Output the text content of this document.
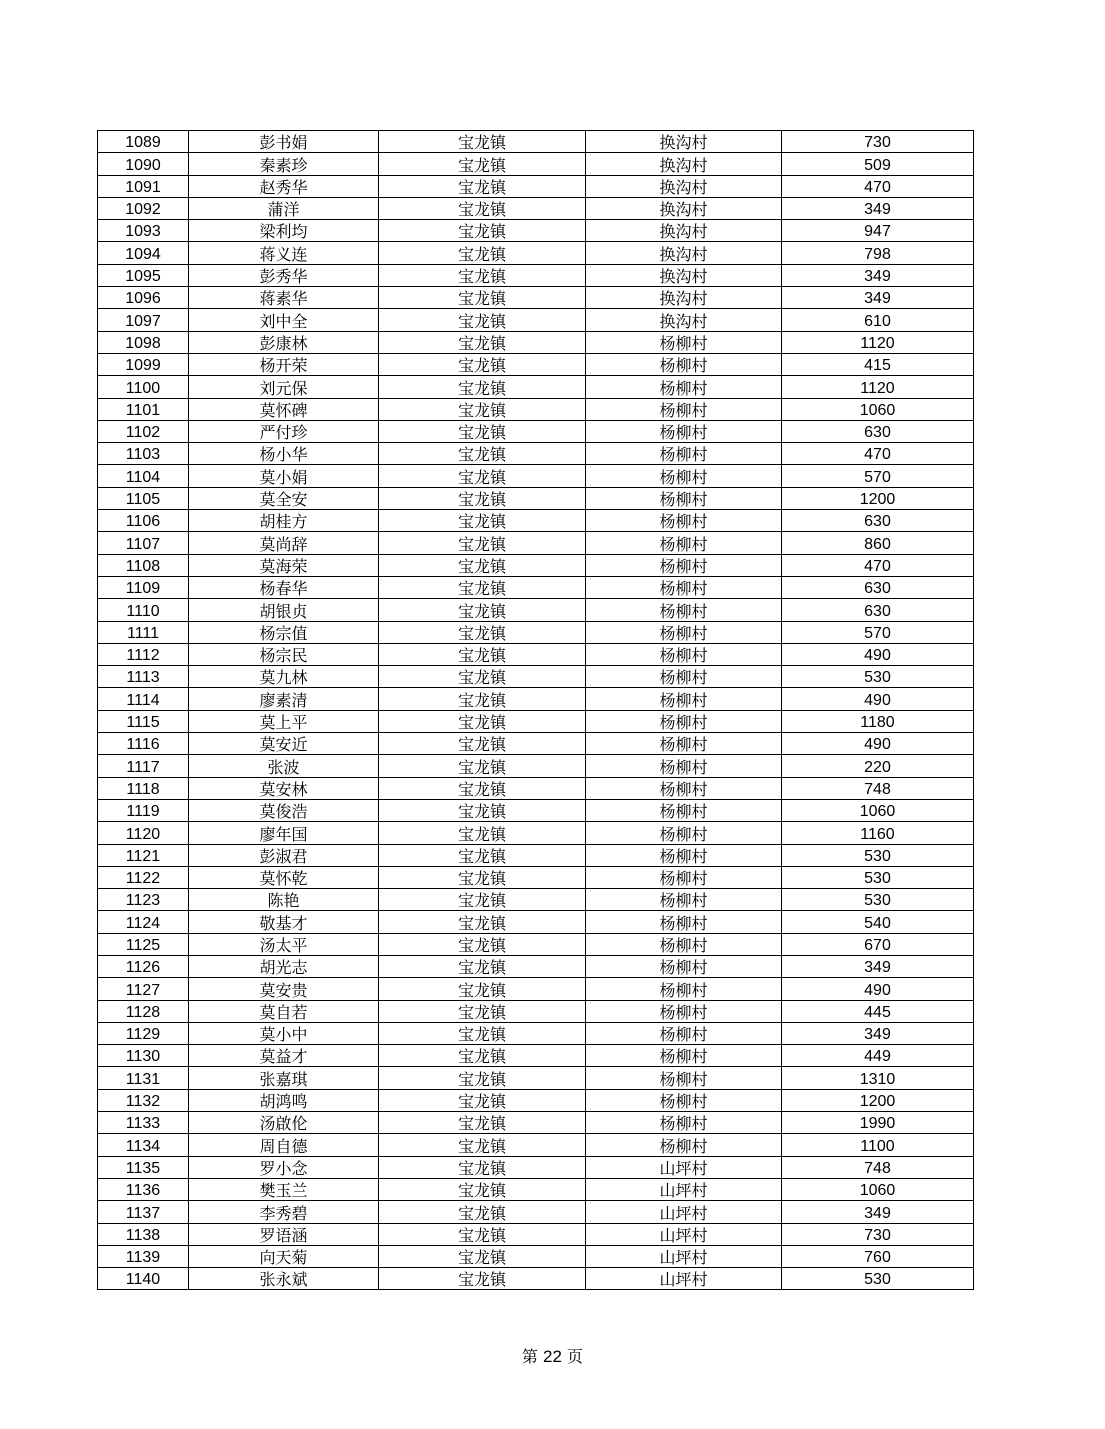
1089	彭书娟	宝龙镇	换沟村	730
1090	秦素珍	宝龙镇	换沟村	509
1091	赵秀华	宝龙镇	换沟村	470
1092	蒲洋	宝龙镇	换沟村	349
1093	梁利均	宝龙镇	换沟村	947
1094	蒋义连	宝龙镇	换沟村	798
1095	彭秀华	宝龙镇	换沟村	349
1096	蒋素华	宝龙镇	换沟村	349
1097	刘中全	宝龙镇	换沟村	610
1098	彭康林	宝龙镇	杨柳村	1120
1099	杨开荣	宝龙镇	杨柳村	415
1100	刘元保	宝龙镇	杨柳村	1120
1101	莫怀碑	宝龙镇	杨柳村	1060
1102	严付珍	宝龙镇	杨柳村	630
1103	杨小华	宝龙镇	杨柳村	470
1104	莫小娟	宝龙镇	杨柳村	570
1105	莫全安	宝龙镇	杨柳村	1200
1106	胡桂方	宝龙镇	杨柳村	630
1107	莫尚辞	宝龙镇	杨柳村	860
1108	莫海荣	宝龙镇	杨柳村	470
1109	杨春华	宝龙镇	杨柳村	630
1110	胡银贞	宝龙镇	杨柳村	630
1111	杨宗值	宝龙镇	杨柳村	570
1112	杨宗民	宝龙镇	杨柳村	490
1113	莫九林	宝龙镇	杨柳村	530
1114	廖素清	宝龙镇	杨柳村	490
1115	莫上平	宝龙镇	杨柳村	1180
1116	莫安近	宝龙镇	杨柳村	490
1117	张波	宝龙镇	杨柳村	220
1118	莫安林	宝龙镇	杨柳村	748
1119	莫俊浩	宝龙镇	杨柳村	1060
1120	廖年国	宝龙镇	杨柳村	1160
1121	彭淑君	宝龙镇	杨柳村	530
1122	莫怀乾	宝龙镇	杨柳村	530
1123	陈艳	宝龙镇	杨柳村	530
1124	敬基才	宝龙镇	杨柳村	540
1125	汤太平	宝龙镇	杨柳村	670
1126	胡光志	宝龙镇	杨柳村	349
1127	莫安贵	宝龙镇	杨柳村	490
1128	莫自若	宝龙镇	杨柳村	445
1129	莫小中	宝龙镇	杨柳村	349
1130	莫益才	宝龙镇	杨柳村	449
1131	张嘉琪	宝龙镇	杨柳村	1310
1132	胡鸿鸣	宝龙镇	杨柳村	1200
1133	汤啟伦	宝龙镇	杨柳村	1990
1134	周自德	宝龙镇	杨柳村	1100
1135	罗小念	宝龙镇	山坪村	748
1136	樊玉兰	宝龙镇	山坪村	1060
1137	李秀碧	宝龙镇	山坪村	349
1138	罗语涵	宝龙镇	山坪村	730
1139	向天菊	宝龙镇	山坪村	760
1140	张永斌	宝龙镇	山坪村	530
第 22 页
